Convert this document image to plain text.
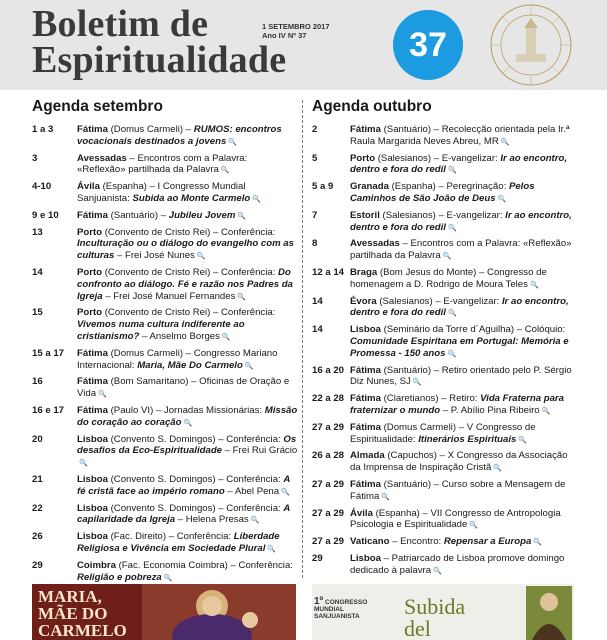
Boletim de
Espiritualidade
1 SETEMBRO 2017
Ano IV Nº 37	37
Agenda setembro
1 a 3	Fátima (Domus Carmeli) – RUMOS: encontros vocacionais destinados a jovens 🔍
3	Avessadas – Encontros com a Palavra: «Reflexão» partilhada da Palavra 🔍
4-10	Ávila (Espanha) – I Congresso Mundial Sanjuanista: Subida ao Monte Carmelo 🔍
9 e 10	Fátima (Santuário) – Jubileu Jovem 🔍
13	Porto (Convento de Cristo Rei) – Conferência: Inculturação ou o diálogo do evangelho com as culturas – Frei José Nunes 🔍
14	Porto (Convento de Cristo Rei) – Conferência: Do confronto ao diálogo. Fé e razão nos Padres da Igreja – Frei José Manuel Fernandes 🔍
15	Porto (Convento de Cristo Rei) – Conferência: Vivemos numa cultura indiferente ao cristianismo? – Anselmo Borges 🔍
15 a 17	Fátima (Domus Carmeli) – Congresso Mariano Internacional: Maria, Mãe Do Carmelo 🔍
16	Fátima (Bom Samaritano) – Oficinas de Oração e Vida 🔍
16 e 17	Fátima (Paulo VI) – Jornadas Missionárias: Missão do coração ao coração 🔍
20	Lisboa (Convento S. Domingos) – Conferência: Os desafios da Eco-Espiritualidade – Frei Rui Grácio🔍
21	Lisboa (Convento S. Domingos) – Conferência: A fé cristã face ao império romano – Abel Pena 🔍
22	Lisboa (Convento S. Domingos) – Conferência: A capilaridade da Igreja – Helena Presas 🔍
26	Lisboa (Fac. Direito) – Conferência: Liberdade Religiosa e Vivência em Sociedade Plural 🔍
29	Coimbra (Fac. Economia Coimbra) – Conferência: Religião e pobreza 🔍
Agenda outubro
2	Fátima (Santuário) – Recolecção orientada pela Ir.ª Raula Margarida Neves Abreu, MR 🔍
5	Porto (Salesianos) – E-vangelizar: Ir ao encontro, dentro e fora do redil 🔍
5 a 9	Granada (Espanha) – Peregrinação: Pelos Caminhos de São João de Deus 🔍
7	Estoril (Salesianos) – E-vangelizar: Ir ao encontro, dentro e fora do redil 🔍
8	Avessadas – Encontros com a Palavra: «Reflexão» partilhada da Palavra 🔍
12 a 14 Braga (Bom Jesus do Monte) – Congresso de homenagem a D. Rodrigo de Moura Teles 🔍
14	Évora (Salesianos) – E-vangelizar: Ir ao encontro, dentro e fora do redil 🔍
14	Lisboa (Seminário da Torre d´Aguilha) – Colóquio: Comunidade Espiritana em Portugal: Memória e Promessa - 150 anos 🔍
16 a 20 Fátima (Santuário) – Retiro orientado pelo P. Sérgio Diz Nunes, SJ 🔍
22 a 28 Fátima (Claretianos) – Retiro: Vida Fraterna para fraternizar o mundo – P. Abílio Pina Ribeiro 🔍
27 a 29 Fátima (Domus Carmeli) – V Congresso de Espiritualidade: Itinerários Espirituais 🔍
26 a 28 Almada (Capuchos) – X Congresso da Associação da Imprensa de Inspiração Cristã 🔍
27 a 29 Fátima (Santuário) – Curso sobre a Mensagem de Fátima 🔍
27 a 29 Ávila (Espanha) – VII Congresso de Antropologia Psicologia e Espiritualidade 🔍
27 a 29 Vaticano – Encontro: Repensar a Europa 🔍
29	Lisboa – Patriarcado de Lisboa promove domingo dedicado à palavra 🔍
MARIA,
MÃE DO
CARMELO
1º CONGRESSO MUNDIAL SANJUANISTA	Subida
del
